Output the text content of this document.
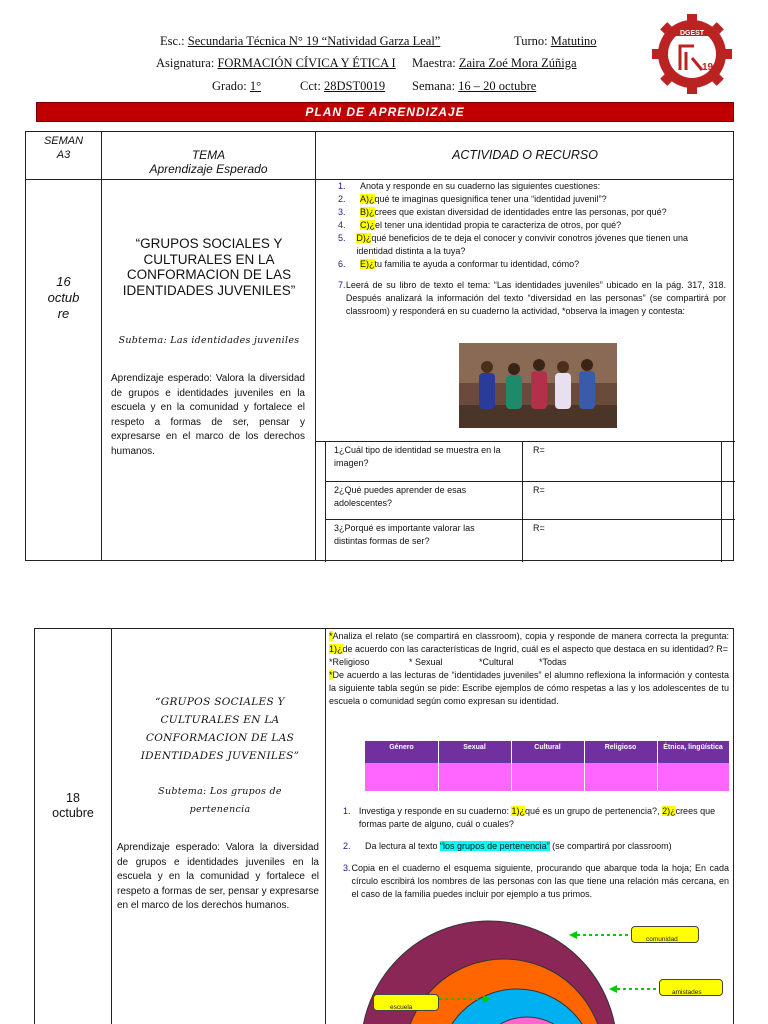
Esc.: Secundaria Técnica N° 19 “Natividad Garza Leal”	Turno: Matutino
Asignatura: FORMACIÓN CÍVICA Y ÉTICA I Maestra: Zaira Zoé Mora Zúñiga
Grado: 1°	Cct: 28DST0019 Semana: 16 – 20 octubre
DGEST
19
PLAN DE APRENDIZAJE
SEMAN
A3	TEMA
Aprendizaje Esperado
ACTIVIDAD O RECURSO
16
octub
re
“GRUPOS SOCIALES Y CULTURALES EN LA CONFORMACION DE LAS IDENTIDADES JUVENILES”
Subtema: Las identidades juveniles
Aprendizaje esperado: Valora la diversidad de grupos e identidades juveniles en la escuela y en la comunidad y fortalece el respeto a formas de ser, pensar y expresarse en el marco de los derechos humanos.
1.	Anota y responde en su cuaderno las siguientes cuestiones:
2.	A)¿qué te imaginas quesignifica tener una “identidad juvenil”?
3.	B)¿crees que existan diversidad de identidades entre las personas, por qué?
4.	C)¿el tener una identidad propia te caracteriza de otros, por qué?
5.	D)¿qué beneficios de te deja el conocer y convivir conotros jóvenes que tienen una identidad distinta a la tuya?
6.	E)¿tu familia te ayuda a conformar tu identidad, cómo?
7. Leerá de su libro de texto el tema: “Las identidades juveniles” ubicado en la pág. 317, 318. Después analizará la información del texto “diversidad en las personas” (se compartirá por classroom) y responderá en su cuaderno la actividad, *observa la imagen y contesta:
1¿Cuál tipo de identidad se muestra en la imagen?
R=
2¿Qué puedes aprender de esas adolescentes?
R=
3¿Porqué es importante valorar las distintas formas de ser?
R=
18
octubre
“GRUPOS SOCIALES Y CULTURALES EN LA CONFORMACION DE LAS IDENTIDADES JUVENILES”
Subtema: Los grupos de pertenencia
Aprendizaje esperado: Valora la diversidad de grupos e identidades juveniles en la escuela y en la comunidad y fortalece el respeto a formas de ser, pensar y expresarse en el marco de los derechos humanos.
*Analiza el relato (se compartirá en classroom), copia y responde de manera correcta la pregunta: 1)¿de acuerdo con las características de Ingrid, cuál es el aspecto que destaca en su identidad? R=
*Religioso	* Sexual	*Cultural	*Todas
*De acuerdo a las lecturas de “identidades juveniles” el alumno reflexiona la información y contesta la siguiente tabla según se pide: Escribe ejemplos de cómo respetas a las y los adolescentes de tu escuela o comunidad según como expresan su identidad.
Género	Sexual	Cultural	Religioso	Étnica, lingüística
1. Investiga y responde en su cuaderno: 1)¿qué es un grupo de pertenencia?, 2)¿crees que formas parte de alguno, cuál o cuales?
2.	Da lectura al texto “los grupos de pertenencia” (se compartirá por classroom)
3. Copia en el cuaderno el esquema siguiente, procurando que abarque toda la hoja; En cada círculo escribirá los nombres de las personas con las que tiene una relación más cercana, en el caso de la familia puedes incluir por ejemplo a tus primos.
comunidad
amistades
escuela
